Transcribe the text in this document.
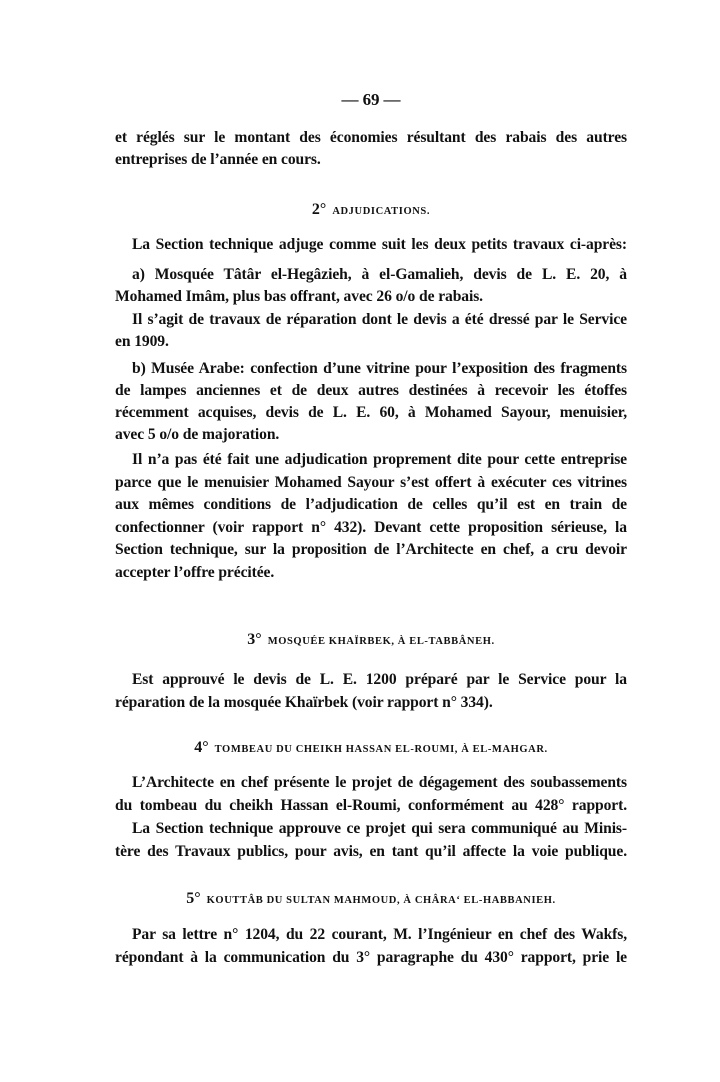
— 69 —
et réglés sur le montant des économies résultant des rabais des autres
entreprises de l’année en cours.
2° ADJUDICATIONS.
La Section technique adjuge comme suit les deux petits travaux ci-après:
a) Mosquée Tâtâr el-Hegâzieh, à el-Gamalieh, devis de L. E. 20, à
Mohamed Imâm, plus bas offrant, avec 26 o/o de rabais.
Il s’agit de travaux de réparation dont le devis a été dressé par le Service
en 1909.
b) Musée Arabe: confection d’une vitrine pour l’exposition des fragments
de lampes anciennes et de deux autres destinées à recevoir les étoffes
récemment acquises, devis de L. E. 60, à Mohamed Sayour, menuisier,
avec 5 o/o de majoration.
Il n’a pas été fait une adjudication proprement dite pour cette entreprise
parce que le menuisier Mohamed Sayour s’est offert à exécuter ces vitrines
aux mêmes conditions de l’adjudication de celles qu’il est en train de
confectionner (voir rapport n° 432). Devant cette proposition sérieuse, la
Section technique, sur la proposition de l’Architecte en chef, a cru devoir
accepter l’offre précitée.
3° MOSQUÉE KHAÏRBEK, À EL-TABBÂNEH.
Est approuvé le devis de L. E. 1200 préparé par le Service pour la
réparation de la mosquée Khaïrbek (voir rapport n° 334).
4° TOMBEAU DU CHEIKH HASSAN EL-ROUMI, À EL-MAHGAR.
L’Architecte en chef présente le projet de dégagement des soubassements
du tombeau du cheikh Hassan el-Roumi, conformément au 428° rapport.
La Section technique approuve ce projet qui sera communiqué au Minis-
tère des Travaux publics, pour avis, en tant qu’il affecte la voie publique.
5° KOUTTÂB DU SULTAN MAHMOUD, À CHÂRA‘ EL-HABBANIEH.
Par sa lettre n° 1204, du 22 courant, M. l’Ingénieur en chef des Wakfs,
répondant à la communication du 3° paragraphe du 430° rapport, prie le
